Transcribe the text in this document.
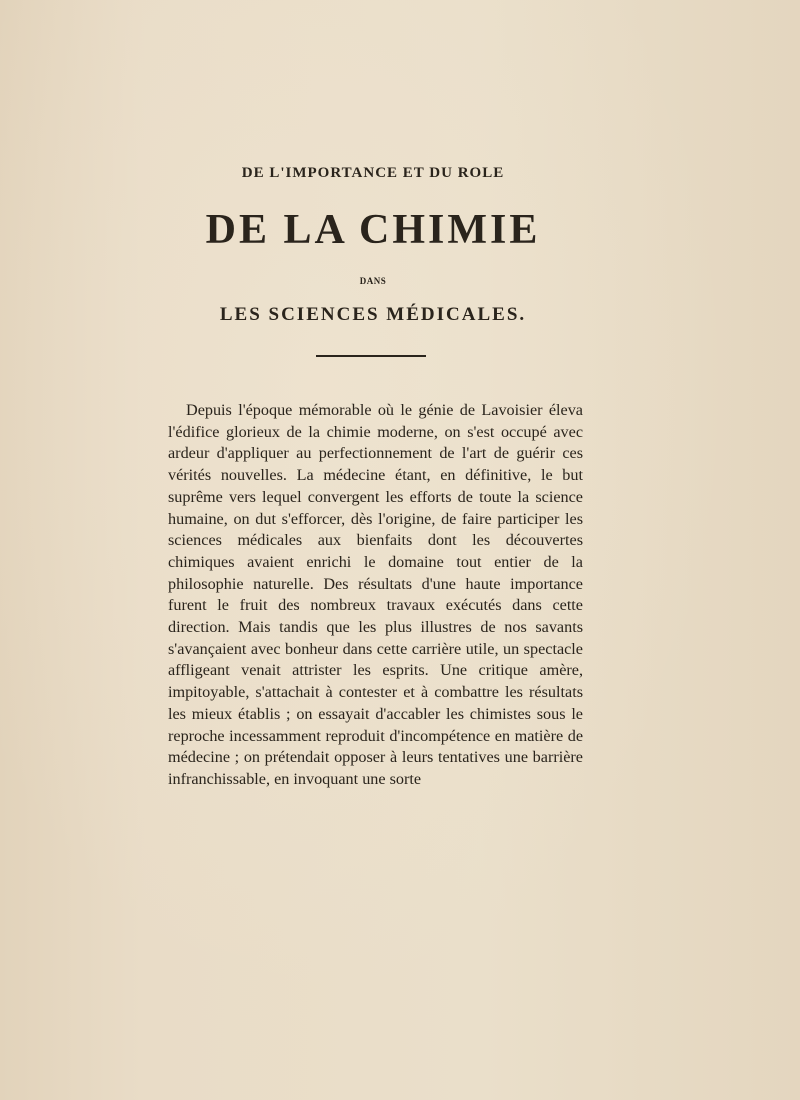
DE L'IMPORTANCE ET DU ROLE
DE LA CHIMIE
DANS
LES SCIENCES MÉDICALES.

Depuis l'époque mémorable où le génie de Lavoisier éleva l'édifice glorieux de la chimie moderne, on s'est occupé avec ardeur d'appliquer au perfectionnement de l'art de guérir ces vérités nouvelles. La médecine étant, en définitive, le but suprême vers lequel convergent les efforts de toute la science humaine, on dut s'efforcer, dès l'origine, de faire participer les sciences médicales aux bienfaits dont les découvertes chimiques avaient enrichi le domaine tout entier de la philosophie naturelle. Des résultats d'une haute importance furent le fruit des nombreux travaux exécutés dans cette direction. Mais tandis que les plus illustres de nos savants s'avançaient avec bonheur dans cette carrière utile, un spectacle affligeant venait attrister les esprits. Une critique amère, impitoyable, s'attachait à contester et à combattre les résultats les mieux établis ; on essayait d'accabler les chimistes sous le reproche incessamment reproduit d'incompétence en matière de médecine ; on prétendait opposer à leurs tentatives une barrière infranchissable, en invoquant une sorte
